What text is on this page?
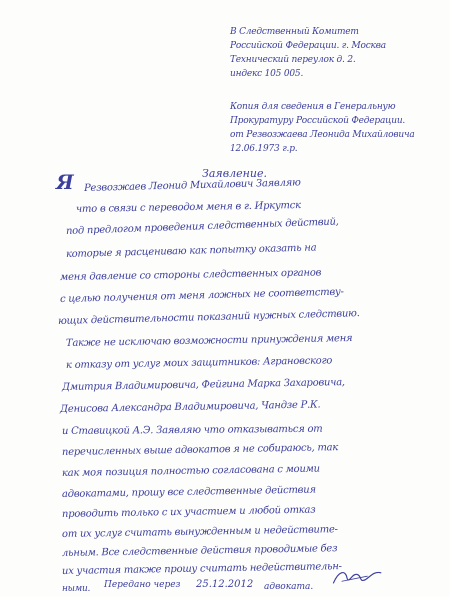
В Следственный Комитет
Российской Федерации. г. Москва
Технический переулок д. 2.
индекс 105 005.
Копия для сведения в Генеральную
Прокуратуру Российской Федерации.
от Резвозжаева Леонида Михайловича
12.06.1973 г.р.
Заявление.
Я Резвозжаев Леонид Михайлович Заявляю
что в связи с переводом меня в г. Иркутск
под предлогом проведения следственных действий,
которые я расцениваю как попытку оказать на
меня давление со стороны следственных органов
с целью получения от меня ложных не соответству-
ющих действительности показаний нужных следствию.
Также не исключаю возможности принуждения меня
к отказу от услуг моих защитников: Аграновского
Дмитрия Владимировича, Фейгина Марка Захаровича,
Денисова Александра Владимировича, Чандзе Р.К.
и Ставицкой А.Э. Заявляю что отказываться от
перечисленных выше адвокатов я не собираюсь, так
как моя позиция полностью согласована с моими
адвокатами, прошу все следственные действия
проводить только с их участием и любой отказ
от их услуг считать вынужденным и недействите-
льным. Все следственные действия проводимые без
их участия также прошу считать недействительн-
ными. Передано через 25.12.2012 адвоката.
